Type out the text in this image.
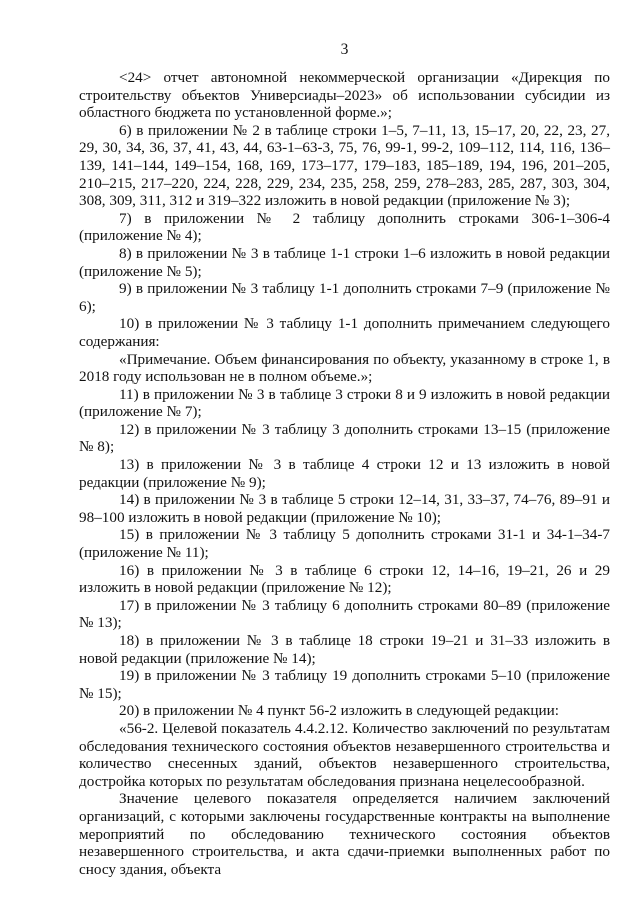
3

<24> отчет автономной некоммерческой организации «Дирекция по строительству объектов Универсиады–2023» об использовании субсидии из областного бюджета по установленной форме.»;

6) в приложении № 2 в таблице строки 1–5, 7–11, 13, 15–17, 20, 22, 23, 27, 29, 30, 34, 36, 37, 41, 43, 44, 63-1–63-3, 75, 76, 99-1, 99-2, 109–112, 114, 116, 136–139, 141–144, 149–154, 168, 169, 173–177, 179–183, 185–189, 194, 196, 201–205, 210–215, 217–220, 224, 228, 229, 234, 235, 258, 259, 278–283, 285, 287, 303, 304, 308, 309, 311, 312 и 319–322 изложить в новой редакции (приложение № 3);

7) в приложении № 2 таблицу дополнить строками 306-1–306-4 (приложение № 4);

8) в приложении № 3 в таблице 1-1 строки 1–6 изложить в новой редакции (приложение № 5);

9) в приложении № 3 таблицу 1-1 дополнить строками 7–9 (приложение № 6);

10) в приложении № 3 таблицу 1-1 дополнить примечанием следующего содержания:

«Примечание. Объем финансирования по объекту, указанному в строке 1, в 2018 году использован не в полном объеме.»;

11) в приложении № 3 в таблице 3 строки 8 и 9 изложить в новой редакции (приложение № 7);

12) в приложении № 3 таблицу 3 дополнить строками 13–15 (приложение № 8);

13) в приложении № 3 в таблице 4 строки 12 и 13 изложить в новой редакции (приложение № 9);

14) в приложении № 3 в таблице 5 строки 12–14, 31, 33–37, 74–76, 89–91 и 98–100 изложить в новой редакции (приложение № 10);

15) в приложении № 3 таблицу 5 дополнить строками 31-1 и 34-1–34-7 (приложение № 11);

16) в приложении № 3 в таблице 6 строки 12, 14–16, 19–21, 26 и 29 изложить в новой редакции (приложение № 12);

17) в приложении № 3 таблицу 6 дополнить строками 80–89 (приложение № 13);

18) в приложении № 3 в таблице 18 строки 19–21 и 31–33 изложить в новой редакции (приложение № 14);

19) в приложении № 3 таблицу 19 дополнить строками 5–10 (приложение № 15);

20) в приложении № 4 пункт 56-2 изложить в следующей редакции:

«56-2. Целевой показатель 4.4.2.12. Количество заключений по результатам обследования технического состояния объектов незавершенного строительства и количество снесенных зданий, объектов незавершенного строительства, достройка которых по результатам обследования признана нецелесообразной.

Значение целевого показателя определяется наличием заключений организаций, с которыми заключены государственные контракты на выполнение мероприятий по обследованию технического состояния объектов незавершенного строительства, и акта сдачи-приемки выполненных работ по сносу здания, объекта
